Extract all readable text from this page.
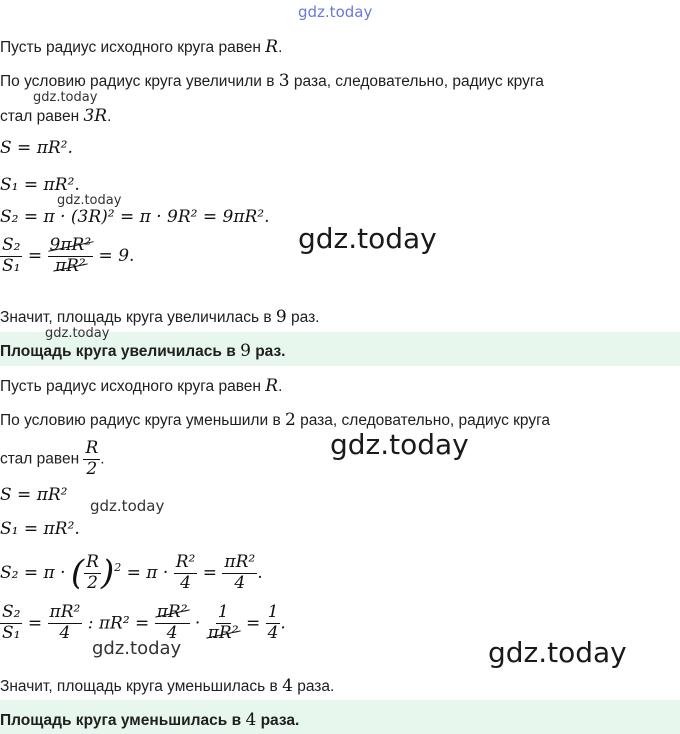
Пусть радиус исходного круга равен R.
По условию радиус круга увеличили в 3 раза, следовательно, радиус круга
стал равен 3R.
S = πR².
S₁ = πR².
S₂ = π · (3R)² = π · 9R² = 9πR².
$\frac{\text{S₂}}{\text{S₁}} = \frac{\text{9πR²}}{\text{πR²}} = 9$.
Значит, площадь круга увеличилась в 9 раз.
Площадь круга увеличилась в 9 раз.
Пусть радиус исходного круга равен R.
По условию радиус круга уменьшили в 2 раза, следовательно, радиус круга
стал равен $\frac{R}{2}$ .
S = πR²
S₁ = πR².
S₂ = π · ( $\frac{R}{2} )^2 = \pi \cdot \frac{\text{R²}}{4} = \frac{\text{πR²}}{4}$ .
$\frac{\text{S₂}}{\text{S₁}} = \frac{\text{πR²}}{4}$ : $\pi R^2 = \frac{\text{πR²}}{4} \cdot \frac{1}{\text{πR²}} = \frac{1}{4}$ .
Значит, площадь круга уменьшилась в 4 раза.
Площадь круга уменьшилась в 4 раза.
gdz.today
gdz.today
gdz.today
gdz.today
gdz.today
gdz.today
gdz.today
gdz.today	gdz.today
